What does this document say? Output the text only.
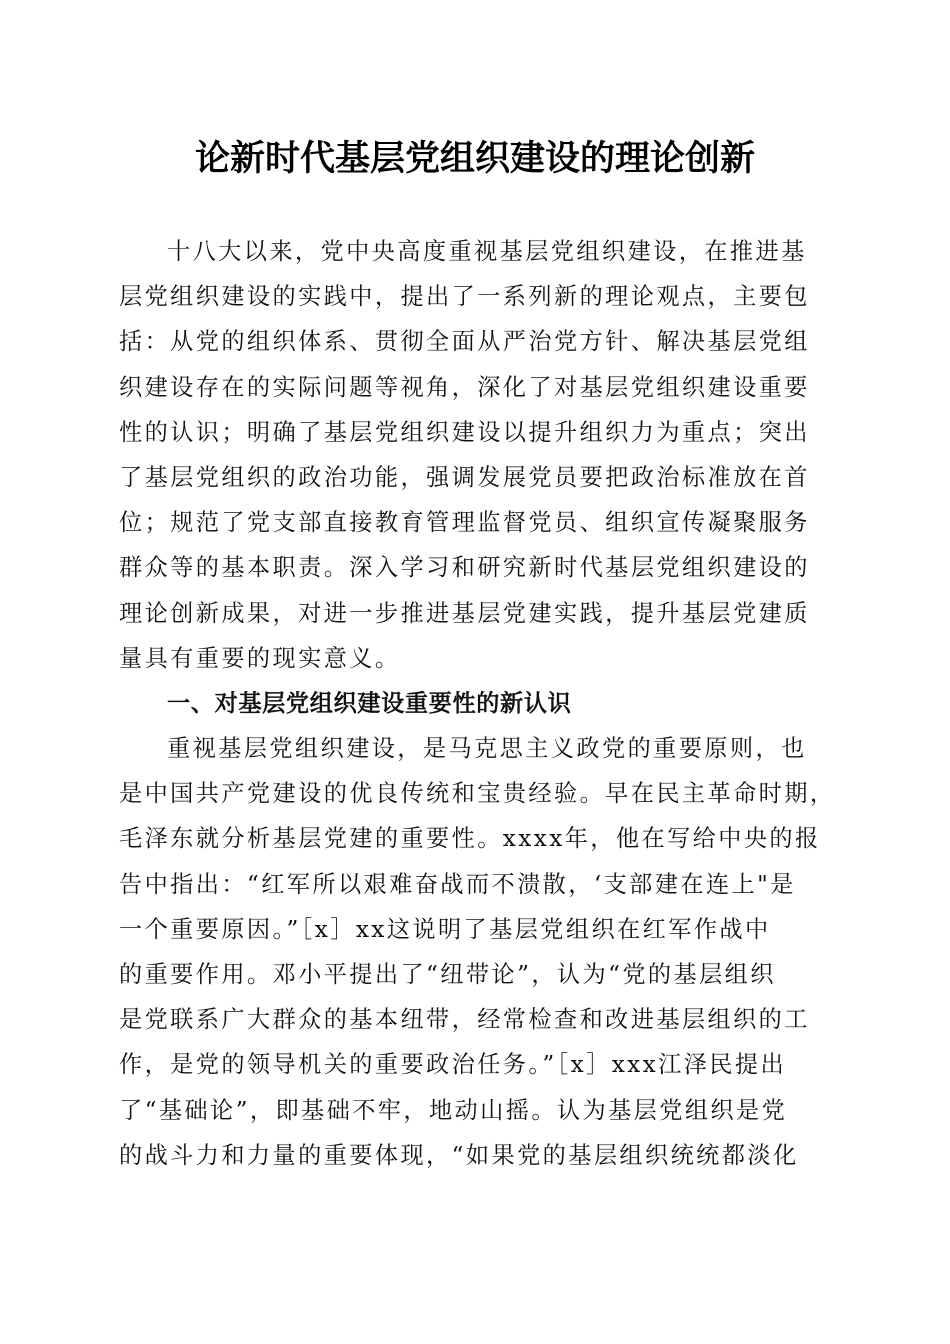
论新时代基层党组织建设的理论创新
十八大以来，党中央高度重视基层党组织建设，在推进基
层党组织建设的实践中，提出了一系列新的理论观点，主要包
括：从党的组织体系、贯彻全面从严治党方针、解决基层党组
织建设存在的实际问题等视角，深化了对基层党组织建设重要
性的认识；明确了基层党组织建设以提升组织力为重点；突出
了基层党组织的政治功能，强调发展党员要把政治标准放在首
位；规范了党支部直接教育管理监督党员、组织宣传凝聚服务
群众等的基本职责。深入学习和研究新时代基层党组织建设的
理论创新成果，对进一步推进基层党建实践，提升基层党建质
量具有重要的现实意义。
一、对基层党组织建设重要性的新认识
重视基层党组织建设，是马克思主义政党的重要原则，也
是中国共产党建设的优良传统和宝贵经验。早在民主革命时期，
毛泽东就分析基层党建的重要性。xxxx年，他在写给中央的报
告中指出：“红军所以艰难奋战而不溃散，‘支部建在连上"是
一个重要原因。”［x］xx这说明了基层党组织在红军作战中
的重要作用。邓小平提出了“纽带论”，认为“党的基层组织
是党联系广大群众的基本纽带，经常检查和改进基层组织的工
作，是党的领导机关的重要政治任务。”［x］xxx江泽民提出
了“基础论”，即基础不牢，地动山摇。认为基层党组织是党
的战斗力和力量的重要体现，“如果党的基层组织统统都淡化
